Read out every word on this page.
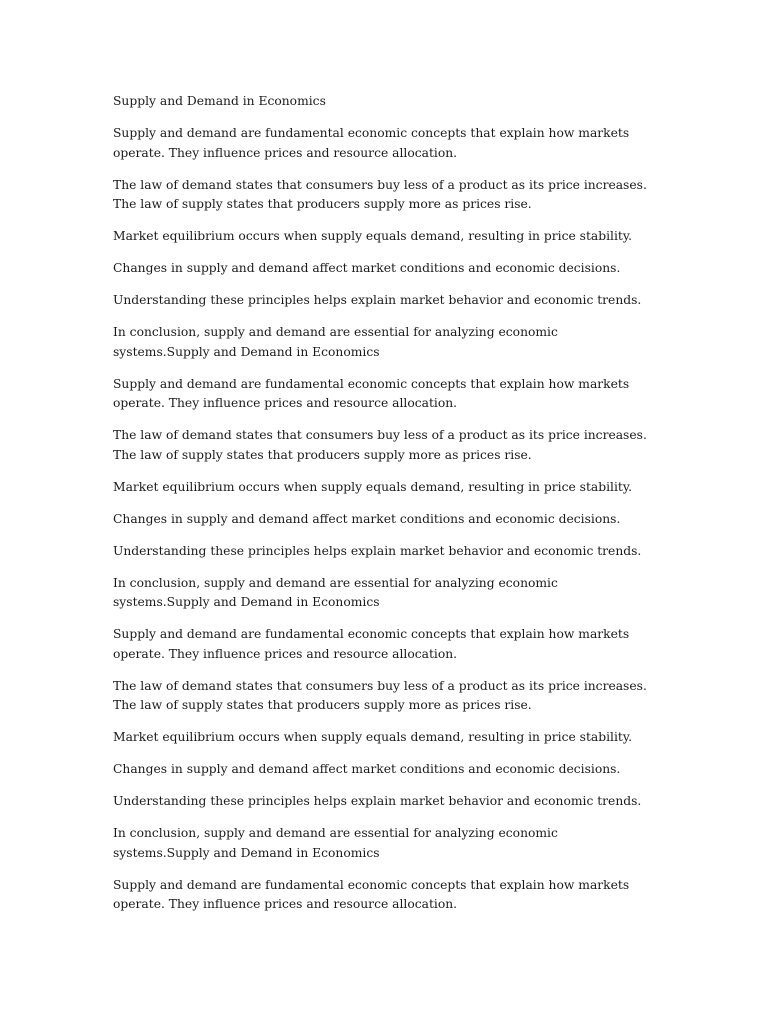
Supply and Demand in Economics

Supply and demand are fundamental economic concepts that explain how markets operate. They influence prices and resource allocation.

The law of demand states that consumers buy less of a product as its price increases. The law of supply states that producers supply more as prices rise.

Market equilibrium occurs when supply equals demand, resulting in price stability.

Changes in supply and demand affect market conditions and economic decisions.

Understanding these principles helps explain market behavior and economic trends.

In conclusion, supply and demand are essential for analyzing economic systems.Supply and Demand in Economics

Supply and demand are fundamental economic concepts that explain how markets operate. They influence prices and resource allocation.

The law of demand states that consumers buy less of a product as its price increases. The law of supply states that producers supply more as prices rise.

Market equilibrium occurs when supply equals demand, resulting in price stability.

Changes in supply and demand affect market conditions and economic decisions.

Understanding these principles helps explain market behavior and economic trends.

In conclusion, supply and demand are essential for analyzing economic systems.Supply and Demand in Economics

Supply and demand are fundamental economic concepts that explain how markets operate. They influence prices and resource allocation.

The law of demand states that consumers buy less of a product as its price increases. The law of supply states that producers supply more as prices rise.

Market equilibrium occurs when supply equals demand, resulting in price stability.

Changes in supply and demand affect market conditions and economic decisions.

Understanding these principles helps explain market behavior and economic trends.

In conclusion, supply and demand are essential for analyzing economic systems.Supply and Demand in Economics

Supply and demand are fundamental economic concepts that explain how markets operate. They influence prices and resource allocation.
